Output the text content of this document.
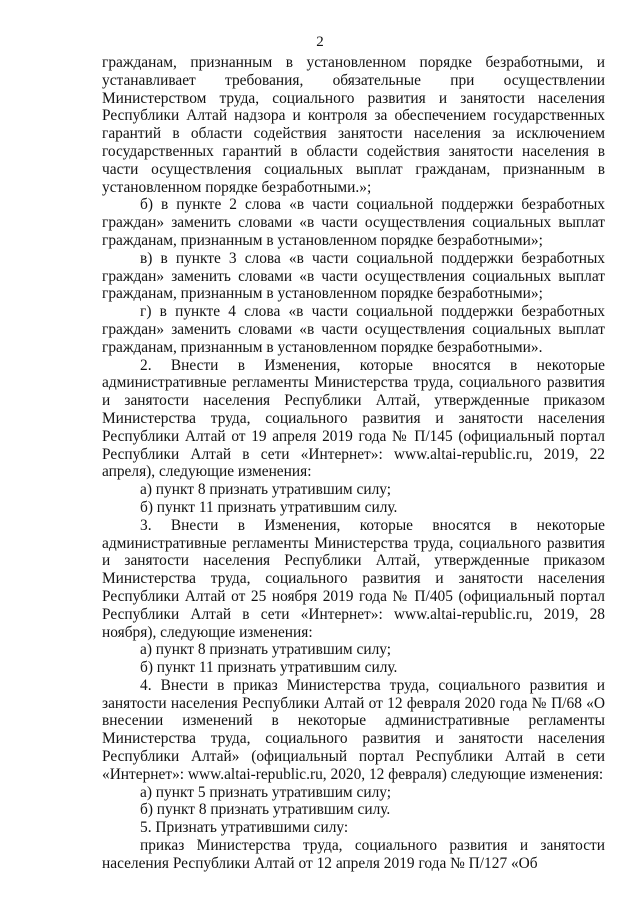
2

гражданам, признанным в установленном порядке безработными, и устанавливает требования, обязательные при осуществлении Министерством труда, социального развития и занятости населения Республики Алтай надзора и контроля за обеспечением государственных гарантий в области содействия занятости населения за исключением государственных гарантий в области содействия занятости населения в части осуществления социальных выплат гражданам, признанным в установленном порядке безработными.»;

б) в пункте 2 слова «в части социальной поддержки безработных граждан» заменить словами «в части осуществления социальных выплат гражданам, признанным в установленном порядке безработными»;

в) в пункте 3 слова «в части социальной поддержки безработных граждан» заменить словами «в части осуществления социальных выплат гражданам, признанным в установленном порядке безработными»;

г) в пункте 4 слова «в части социальной поддержки безработных граждан» заменить словами «в части осуществления социальных выплат гражданам, признанным в установленном порядке безработными».

2. Внести в Изменения, которые вносятся в некоторые административные регламенты Министерства труда, социального развития и занятости населения Республики Алтай, утвержденные приказом Министерства труда, социального развития и занятости населения Республики Алтай от 19 апреля 2019 года № П/145 (официальный портал Республики Алтай в сети «Интернет»: www.altai-republic.ru, 2019, 22 апреля), следующие изменения:

а) пункт 8 признать утратившим силу;

б) пункт 11 признать утратившим силу.

3. Внести в Изменения, которые вносятся в некоторые административные регламенты Министерства труда, социального развития и занятости населения Республики Алтай, утвержденные приказом Министерства труда, социального развития и занятости населения Республики Алтай от 25 ноября 2019 года № П/405 (официальный портал Республики Алтай в сети «Интернет»: www.altai-republic.ru, 2019, 28 ноября), следующие изменения:

а) пункт 8 признать утратившим силу;

б) пункт 11 признать утратившим силу.

4. Внести в приказ Министерства труда, социального развития и занятости населения Республики Алтай от 12 февраля 2020 года № П/68 «О внесении изменений в некоторые административные регламенты Министерства труда, социального развития и занятости населения Республики Алтай» (официальный портал Республики Алтай в сети «Интернет»: www.altai-republic.ru, 2020, 12 февраля) следующие изменения:

а) пункт 5 признать утратившим силу;

б) пункт 8 признать утратившим силу.

5. Признать утратившими силу:

приказ Министерства труда, социального развития и занятости населения Республики Алтай от 12 апреля 2019 года № П/127 «Об
